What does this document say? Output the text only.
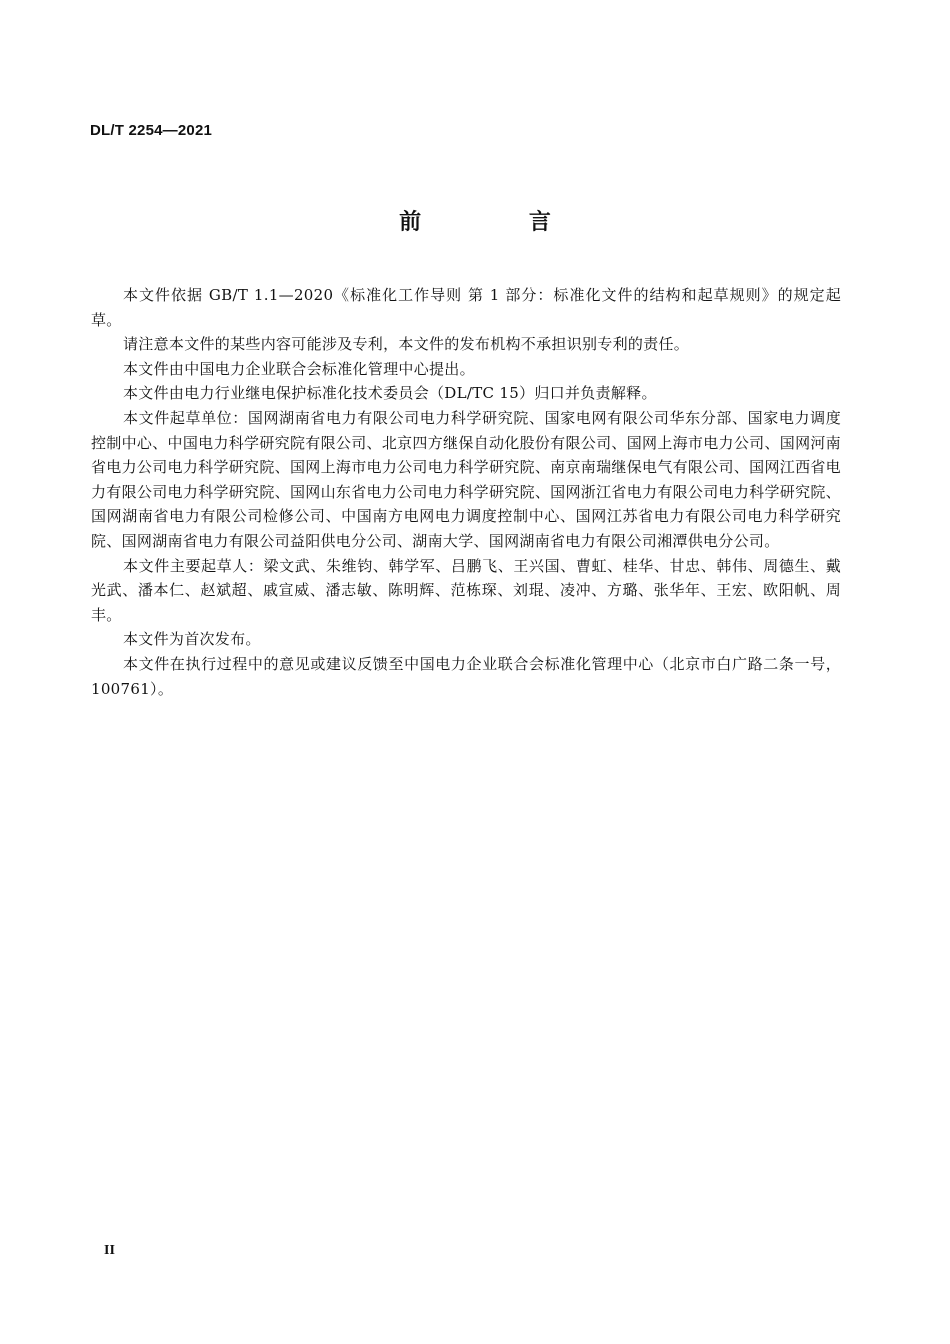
DL/T 2254—2021
前 言

本文件依据 GB/T 1.1—2020《标准化工作导则 第 1 部分：标准化文件的结构和起草规则》的规定起草。

请注意本文件的某些内容可能涉及专利，本文件的发布机构不承担识别专利的责任。

本文件由中国电力企业联合会标准化管理中心提出。

本文件由电力行业继电保护标准化技术委员会（DL/TC 15）归口并负责解释。

本文件起草单位：国网湖南省电力有限公司电力科学研究院、国家电网有限公司华东分部、国家电力调度控制中心、中国电力科学研究院有限公司、北京四方继保自动化股份有限公司、国网上海市电力公司、国网河南省电力公司电力科学研究院、国网上海市电力公司电力科学研究院、南京南瑞继保电气有限公司、国网江西省电力有限公司电力科学研究院、国网山东省电力公司电力科学研究院、国网浙江省电力有限公司电力科学研究院、国网湖南省电力有限公司检修公司、中国南方电网电力调度控制中心、国网江苏省电力有限公司电力科学研究院、国网湖南省电力有限公司益阳供电分公司、湖南大学、国网湖南省电力有限公司湘潭供电分公司。

本文件主要起草人：梁文武、朱维钧、韩学军、吕鹏飞、王兴国、曹虹、桂华、甘忠、韩伟、周德生、戴光武、潘本仁、赵斌超、戚宣威、潘志敏、陈明辉、范栋琛、刘琨、凌冲、方璐、张华年、王宏、欧阳帆、周丰。

本文件为首次发布。

本文件在执行过程中的意见或建议反馈至中国电力企业联合会标准化管理中心（北京市白广路二条一号，100761）。

II
